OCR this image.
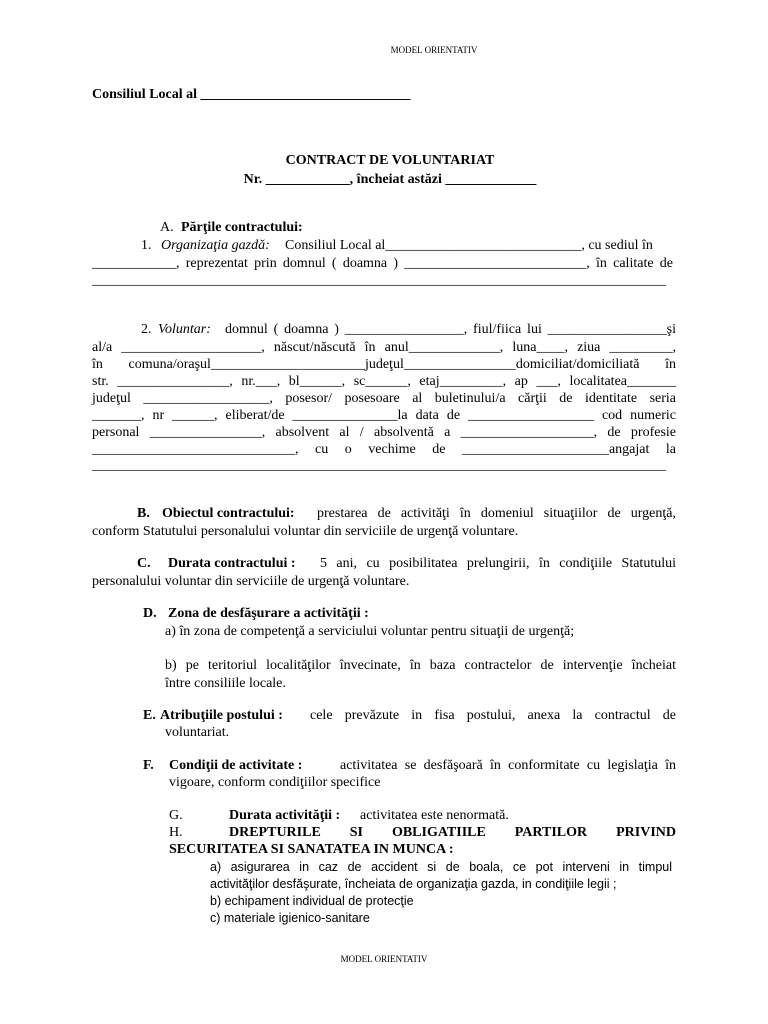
MODEL ORIENTATIV
Consiliul Local al ______________________________
CONTRACT DE VOLUNTARIAT
Nr. ____________, încheiat astăzi _____________
A. Părţile contractului:
1. Organizaţia gazdă: Consiliul Local al____________________________, cu sediul în
____________, reprezentat prin domnul ( doamna ) __________________________, în calitate de
__________________________________________________________________________________
2. Voluntar: domnul ( doamna ) _________________, fiul/fiica lui _________________şi
al/a ____________________, născut/născută în anul_____________, luna____, ziua _________,
în comuna/oraşul______________________judeţul________________domiciliat/domiciliată în
str. ________________, nr.___, bl______, sc______, etaj_________, ap ___, localitatea_______
judeţul __________________, posesor/ posesoare al buletinului/a cărţii de identitate seria
_______, nr ______, eliberat/de _______________la data de __________________ cod numeric
personal ________________, absolvent al / absolventă a ___________________, de profesie
_____________________________, cu o vechime de _____________________angajat la
__________________________________________________________________________________
B. Obiectul contractului: prestarea de activităţi în domeniul situaţiilor de urgenţă,
conform Statutului personalului voluntar din serviciile de urgenţă voluntare.
C. Durata contractului : 5 ani, cu posibilitatea prelungirii, în condiţiile Statutului
personalului voluntar din serviciile de urgenţă voluntare.
D. Zona de desfăşurare a activităţii :
a) în zona de competenţă a serviciului voluntar pentru situaţii de urgenţă;
b) pe teritoriul localităţilor învecinate, în baza contractelor de intervenţie încheiat
între consiliile locale.
E. Atribuţiile postului : cele prevăzute in fisa postului, anexa la contractul de
voluntariat.
F. Condiţii de activitate :	activitatea se desfăşoară în conformitate cu legislaţia în
vigoare, conform condiţiilor specifice
G.	Durata activităţii : activitatea este nenormată.
H.	DREPTURILE SI OBLIGATIILE PARTILOR PRIVIND
SECURITATEA SI SANATATEA IN MUNCA :
a) asigurarea in caz de accident si de boala, ce pot interveni in timpul
activităţilor desfăşurate, încheiata de organizaţia gazda, in condiţiile legii ;
b) echipament individual de protecţie
c) materiale igienico-sanitare
MODEL ORIENTATIV
